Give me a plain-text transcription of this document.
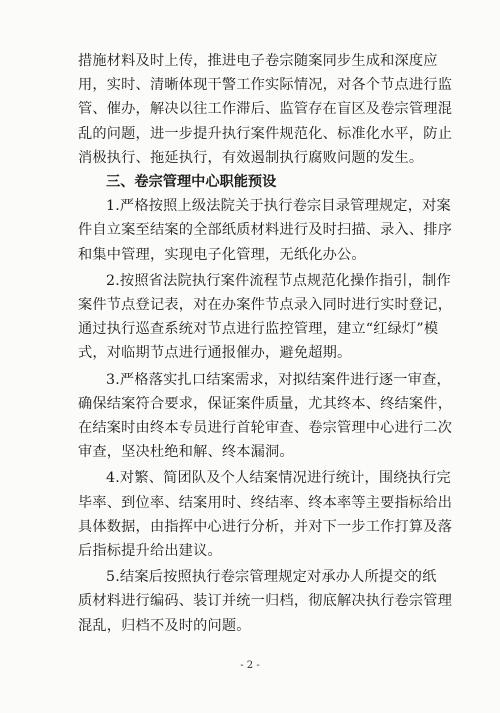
措施材料及时上传，推进电子卷宗随案同步生成和深度应
用，实时、清晰体现干警工作实际情况，对各个节点进行监
管、催办，解决以往工作滞后、监管存在盲区及卷宗管理混
乱的问题，进一步提升执行案件规范化、标准化水平，防止
消极执行、拖延执行，有效遏制执行腐败问题的发生。
三、卷宗管理中心职能预设
1.严格按照上级法院关于执行卷宗目录管理规定，对案
件自立案至结案的全部纸质材料进行及时扫描、录入、排序
和集中管理，实现电子化管理，无纸化办公。
2.按照省法院执行案件流程节点规范化操作指引，制作
案件节点登记表，对在办案件节点录入同时进行实时登记，
通过执行巡查系统对节点进行监控管理，建立“红绿灯”模
式，对临期节点进行通报催办，避免超期。
3.严格落实扎口结案需求，对拟结案件进行逐一审查，
确保结案符合要求，保证案件质量，尤其终本、终结案件，
在结案时由终本专员进行首轮审查、卷宗管理中心进行二次
审查，坚决杜绝和解、终本漏洞。
4.对繁、简团队及个人结案情况进行统计，围绕执行完
毕率、到位率、结案用时、终结率、终本率等主要指标给出
具体数据，由指挥中心进行分析，并对下一步工作打算及落
后指标提升给出建议。
5.结案后按照执行卷宗管理规定对承办人所提交的纸
质材料进行编码、装订并统一归档，彻底解决执行卷宗管理
混乱，归档不及时的问题。
- 2 -
